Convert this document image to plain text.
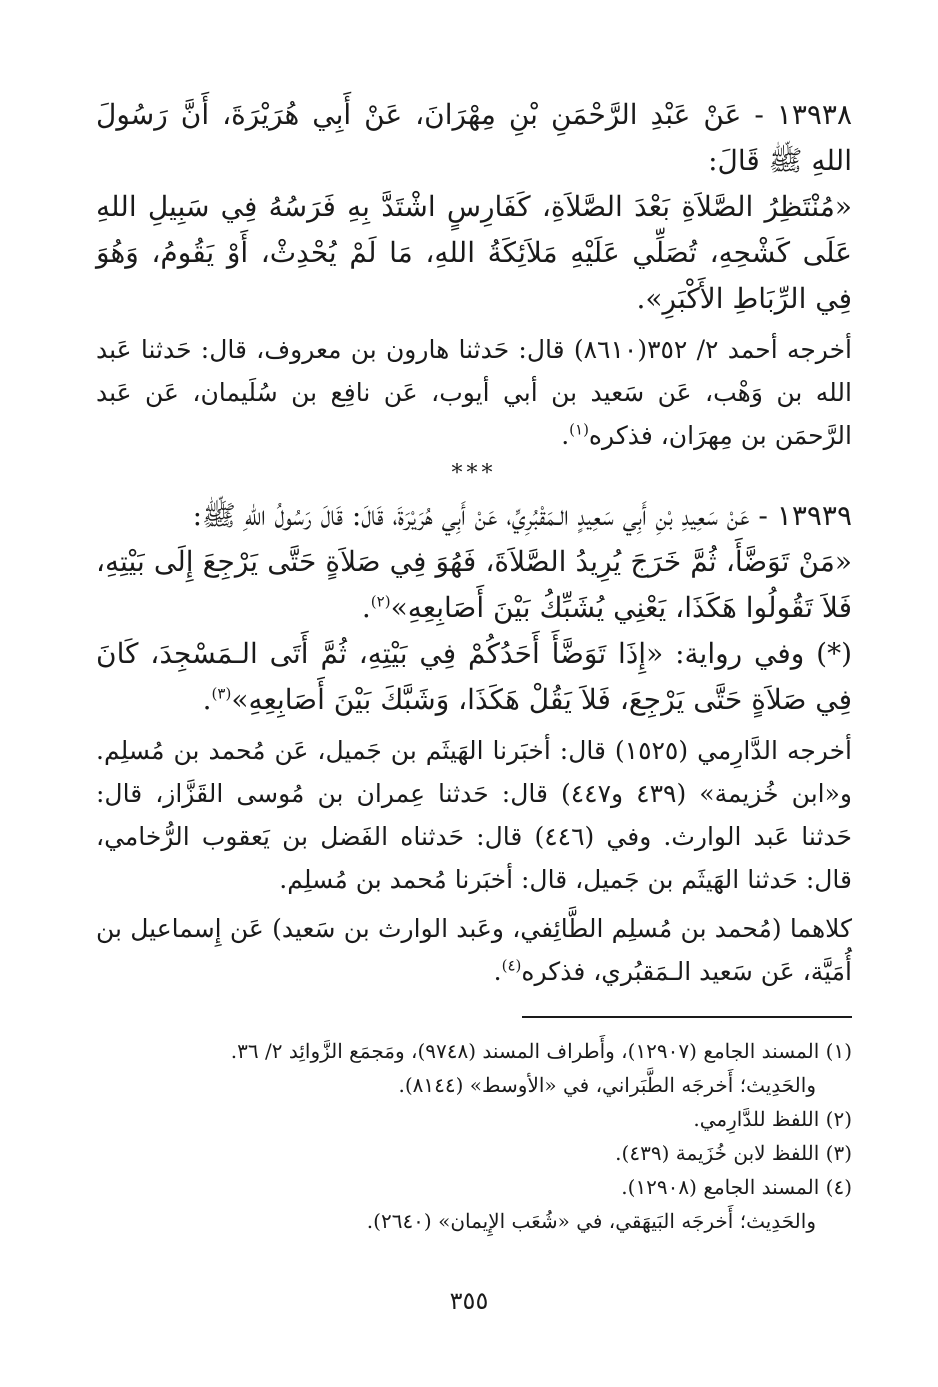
١٣٩٣٨ - عَنْ عَبْدِ الرَّحْمَنِ بْنِ مِهْرَانَ، عَنْ أَبِي هُرَيْرَةَ، أَنَّ رَسُولَ اللهِ ﷺ قَالَ:

«مُنْتَظِرُ الصَّلاَةِ بَعْدَ الصَّلاَةِ، كَفَارِسٍ اشْتَدَّ بِهِ فَرَسُهُ فِي سَبِيلِ اللهِ عَلَى كَشْحِهِ، تُصَلِّي عَلَيْهِ مَلاَئِكَةُ اللهِ، مَا لَمْ يُحْدِثْ، أَوْ يَقُومُ، وَهُوَ فِي الرِّبَاطِ الأَكْبَرِ».

أخرجه أحمد ٢/ ٣٥٢(٨٦١٠) قال: حَدثنا هارون بن معروف، قال: حَدثنا عَبد الله بن وَهْب، عَن سَعيد بن أبي أيوب، عَن نافِع بن سُلَيمان، عَن عَبد الرَّحمَن بن مِهرَان، فذكره$^{(١)}$.

***

١٣٩٣٩ - عَنْ سَعِيدِ بْنِ أَبِي سَعِيدٍ الـمَقْبُرِيِّ، عَنْ أَبِي هُرَيْرَةَ، قَالَ: قَالَ رَسُولُ اللهِ ﷺ:

«مَنْ تَوَضَّأَ، ثُمَّ خَرَجَ يُرِيدُ الصَّلاَةَ، فَهُوَ فِي صَلاَةٍ حَتَّى يَرْجِعَ إِلَى بَيْتِهِ، فَلاَ تَقُولُوا هَكَذَا، يَعْنِي يُشَبِّكُ بَيْنَ أَصَابِعِهِ»$^{(٢)}$.

(*) وفي رواية: «إِذَا تَوَضَّأَ أَحَدُكُمْ فِي بَيْتِهِ، ثُمَّ أَتَى الـمَسْجِدَ، كَانَ فِي صَلاَةٍ حَتَّى يَرْجِعَ، فَلاَ يَقُلْ هَكَذَا، وَشَبَّكَ بَيْنَ أَصَابِعِهِ»$^{(٣)}$.

أخرجه الدَّارِمي (١٥٢٥) قال: أخبَرنا الهَيثَم بن جَميل، عَن مُحمد بن مُسلِم. و«ابن خُزيمة» (٤٣٩ و٤٤٧) قال: حَدثنا عِمران بن مُوسى القَزَّاز، قال: حَدثنا عَبد الوارث. وفي (٤٤٦) قال: حَدثناه الفَضل بن يَعقوب الرُّخامي، قال: حَدثنا الهَيثَم بن جَميل، قال: أخبَرنا مُحمد بن مُسلِم.

كلاهما (مُحمد بن مُسلِم الطَّائِفي، وعَبد الوارث بن سَعيد) عَن إِسماعيل بن أُمَيَّة، عَن سَعيد الـمَقبُري، فذكره$^{(٤)}$.

(١) المسند الجامع (١٢٩٠٧)، وأَطراف المسند (٩٧٤٨)، ومَجمَع الزَّوائِد ٢/ ٣٦.

والحَدِيث؛ أَخرجَه الطَّبَراني، في «الأوسط» (٨١٤٤).

(٢) اللفظ للدَّارِمي.

(٣) اللفظ لابن خُزَيمة (٤٣٩).

(٤) المسند الجامع (١٢٩٠٨).

والحَدِيث؛ أَخرجَه البَيهَقي، في «شُعَب الإِيمان» (٢٦٤٠).

٣٥٥
